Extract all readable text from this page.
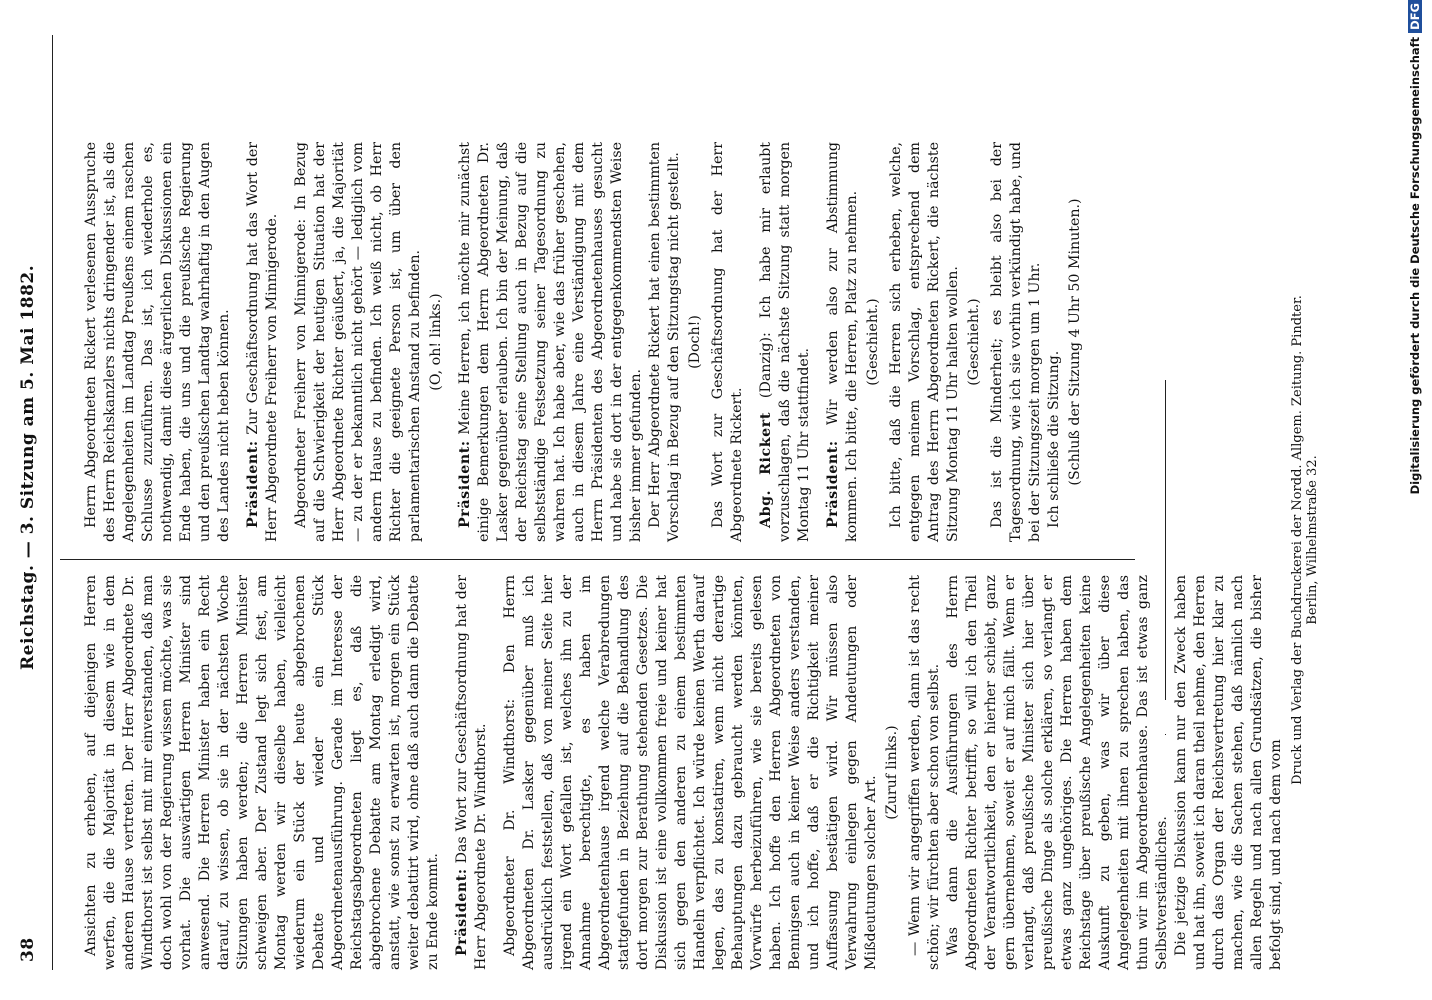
38
Reichstag. — 3. Sitzung am 5. Mai 1882.

Ansichten zu erheben, auf diejenigen Herren werfen, die die Majorität in diesem wie in dem anderen Hause vertreten. Der Herr Abgeordnete Dr. Windthorst ist selbst mit mir einverstanden, daß man doch wohl von der Regierung wissen möchte, was sie vorhat. Die auswärtigen Herren Minister sind anwesend. Die Herren Minister haben ein Recht darauf, zu wissen, ob sie in der nächsten Woche Sitzungen haben werden; die Herren Minister schweigen aber. Der Zustand legt sich fest, am Montag werden wir dieselbe haben, vielleicht wiederum ein Stück der heute abgebrochenen Debatte und wieder ein Stück Abgeordnetenausführung. Gerade im Interesse der Reichstagsabgeordneten liegt es, daß die abgebrochene Debatte am Montag erledigt wird, anstatt, wie sonst zu erwarten ist, morgen ein Stück weiter debattirt wird, ohne daß auch dann die Debatte zu Ende kommt. Präsident: Das Wort zur Geschäftsordnung hat der Herr Abgeordnete Dr. Windthorst. Abgeordneter Dr. Windthorst: Den Herrn Abgeordneten Dr. Lasker gegenüber muß ich ausdrücklich feststellen, daß von meiner Seite hier irgend ein Wort gefallen ist, welches ihn zu der Annahme berechtigte, es haben im Abgeordnetenhause irgend welche Verabredungen stattgefunden in Beziehung auf die Behandlung des dort morgen zur Berathung stehenden Gesetzes. Die Diskussion ist eine vollkommen freie und keiner hat sich gegen den anderen zu einem bestimmten Handeln verpflichtet. Ich würde keinen Werth darauf legen, das zu konstatiren, wenn nicht derartige Behauptungen dazu gebraucht werden könnten, Vorwürfe herbeizuführen, wie sie bereits gelesen haben. Ich hoffe den Herren Abgeordneten von Bennigsen auch in keiner Weise anders verstanden, und ich hoffe, daß er die Richtigkeit meiner Auffassung bestätigen wird. Wir müssen also Verwahrung einlegen gegen Andeutungen oder Mißdeutungen solcher Art.

(Zuruf links.) — Wenn wir angegriffen werden, dann ist das recht schön; wir fürchten aber schon von selbst. Was dann die Ausführungen des Herrn Abgeordneten Richter betrifft, so will ich den Theil der Verantwortlichkeit, den er hierher schiebt, ganz gern übernehmen, soweit er auf mich fällt. Wenn er verlangt, daß preußische Minister sich hier über preußische Dinge als solche erklären, so verlangt er etwas ganz ungehöriges. Die Herren haben dem Reichstage über preußische Angelegenheiten keine Auskunft zu geben, was wir über diese Angelegenheiten mit ihnen zu sprechen haben, das thun wir im Abgeordnetenhause. Das ist etwas ganz Selbstverständliches. Die jetzige Diskussion kann nur den Zweck haben und hat ihn, soweit ich daran theil nehme, den Herren durch das Organ der Reichsvertretung hier klar zu machen, wie die Sachen stehen, daß nämlich nach allen Regeln und nach allen Grundsätzen, die bisher befolgt sind, und nach dem vom

Herrn Abgeordneten Rickert verlesenen Ausspruche des Herrn Reichskanzlers nichts dringender ist, als die Angelegenheiten im Landtag Preußens einem raschen Schlusse zuzuführen. Das ist, ich wiederhole es, nothwendig, damit diese ärgerlichen Diskussionen ein Ende haben, die uns und die preußische Regierung und den preußischen Landtag wahrhaftig in den Augen des Landes nicht heben können. Präsident: Zur Geschäftsordnung hat das Wort der Herr Abgeordnete Freiherr von Minnigerode. Abgeordneter Freiherr von Minnigerode: In Bezug auf die Schwierigkeit der heutigen Situation hat der Herr Abgeordnete Richter geäußert, ja, die Majorität — zu der er bekanntlich nicht gehört — lediglich vom andern Hause zu befinden. Ich weiß nicht, ob Herr Richter die geeignete Person ist, um über den parlamentarischen Anstand zu befinden. (O, oh! links.)

Präsident: Meine Herren, ich möchte mir zunächst einige Bemerkungen dem Herrn Abgeordneten Dr. Lasker gegenüber erlauben. Ich bin der Meinung, daß der Reichstag seine Stellung auch in Bezug auf die selbstständige Festsetzung seiner Tagesordnung zu wahren hat. Ich habe aber, wie das früher geschehen, auch in diesem Jahre eine Verständigung mit dem Herrn Präsidenten des Abgeordnetenhauses gesucht und habe sie dort in der entgegenkommendsten Weise bisher immer gefunden. Der Herr Abgeordnete Rickert hat einen bestimmten Vorschlag in Bezug auf den Sitzungstag nicht gestellt. (Doch!) Das Wort zur Geschäftsordnung hat der Herr Abgeordnete Rickert. Abg. Rickert (Danzig): Ich habe mir erlaubt vorzuschlagen, daß die nächste Sitzung statt morgen Montag 11 Uhr stattfindet. Präsident: Wir werden also zur Abstimmung kommen. Ich bitte, die Herren, Platz zu nehmen. (Geschieht.) Ich bitte, daß die Herren sich erheben, welche, entgegen meinem Vorschlag, entsprechend dem Antrag des Herrn Abgeordneten Rickert, die nächste Sitzung Montag 11 Uhr halten wollen. (Geschieht.) Das ist die Minderheit; es bleibt also bei der Tagesordnung, wie ich sie vorhin verkündigt habe, und bei der Sitzungszeit morgen um 1 Uhr. Ich schließe die Sitzung. (Schluß der Sitzung 4 Uhr 50 Minuten.)	Druck und Verlag der Buchdruckerei der Nordd. Allgem. Zeitung. Pindter. Berlin, Wilhelmstraße 32.
Digitalisierung gefördert durch die Deutsche ForschungsgemeinschaftDFG
